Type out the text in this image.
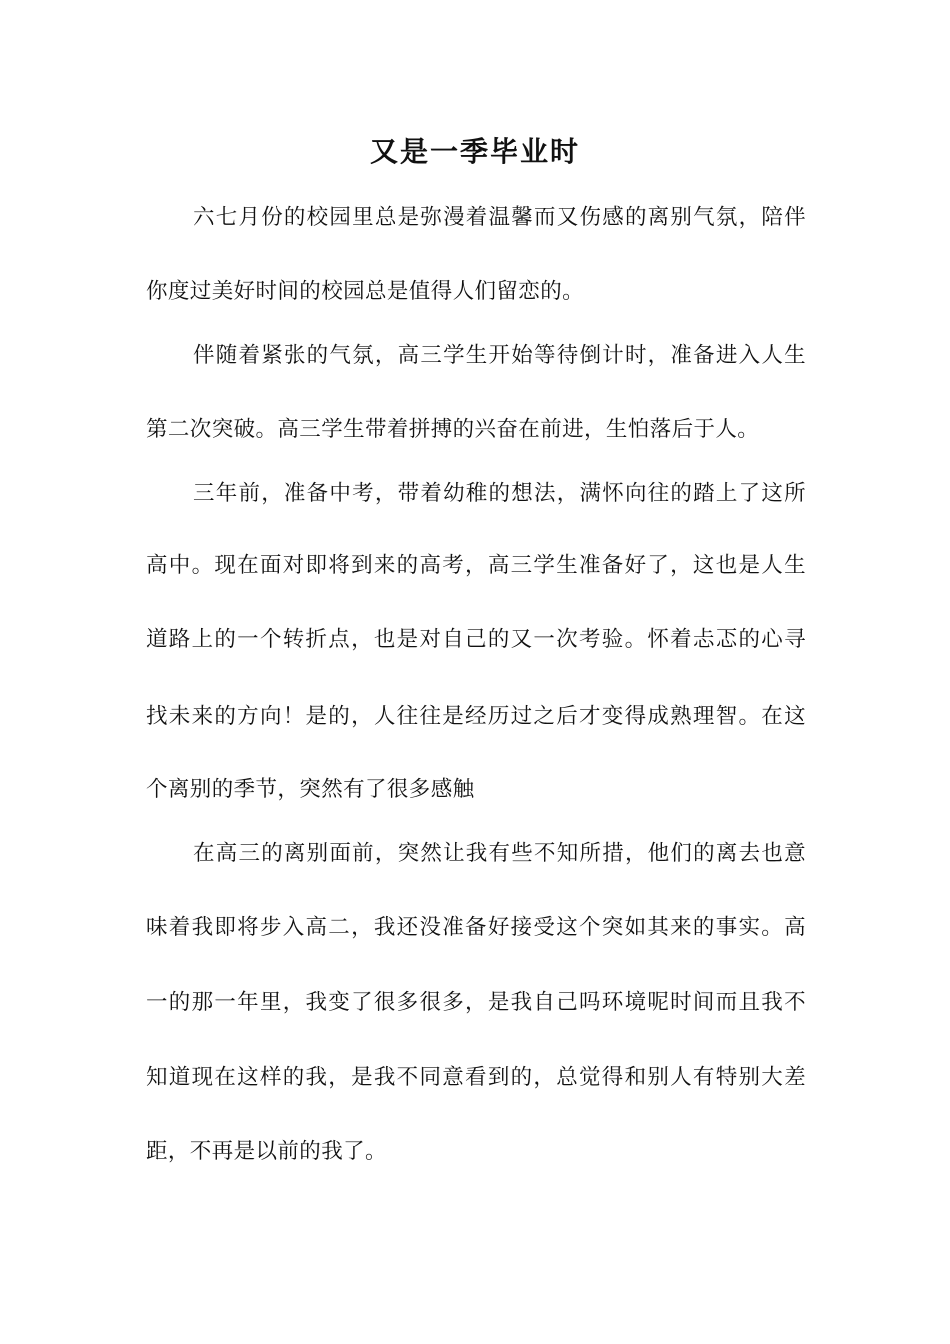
又是一季毕业时
六七月份的校园里总是弥漫着温馨而又伤感的离别气氛，陪伴
你度过美好时间的校园总是值得人们留恋的。
伴随着紧张的气氛，高三学生开始等待倒计时，准备进入人生
第二次突破。高三学生带着拼搏的兴奋在前进，生怕落后于人。
三年前，准备中考，带着幼稚的想法，满怀向往的踏上了这所
高中。现在面对即将到来的高考，高三学生准备好了，这也是人生
道路上的一个转折点，也是对自己的又一次考验。怀着忐忑的心寻
找未来的方向！是的，人往往是经历过之后才变得成熟理智。在这
个离别的季节，突然有了很多感触
在高三的离别面前，突然让我有些不知所措，他们的离去也意
味着我即将步入高二，我还没准备好接受这个突如其来的事实。高
一的那一年里，我变了很多很多，是我自己吗环境呢时间而且我不
知道现在这样的我，是我不同意看到的，总觉得和别人有特别大差
距，不再是以前的我了。
